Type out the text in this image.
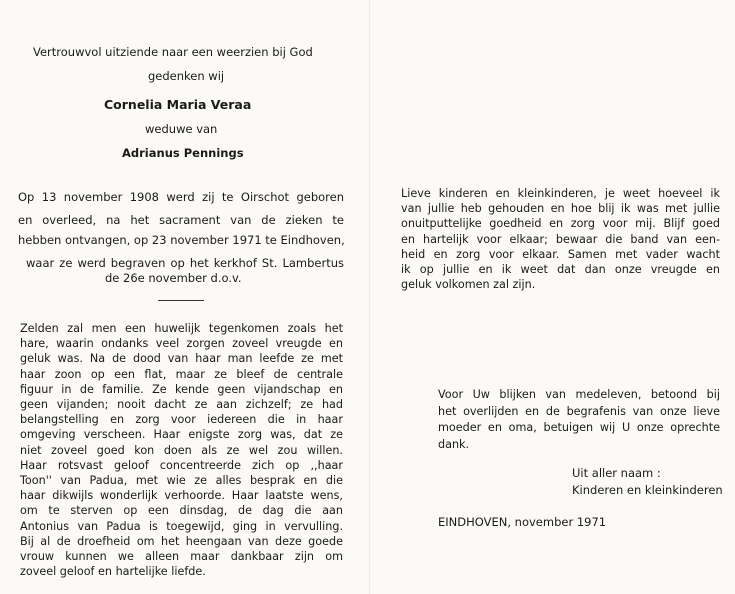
Vertrouwvol uitziende naar een weerzien bij God
gedenken wij
Cornelia Maria Veraa
weduwe van
Adrianus Pennings
Op 13 november 1908 werd zij te Oirschot geboren
en overleed, na het sacrament van de zieken te
hebben ontvangen, op 23 november 1971 te Eindhoven,
waar ze werd begraven op het kerkhof St. Lambertus
de 26e november d.o.v.
Zelden zal men een huwelijk tegenkomen zoals het
hare, waarin ondanks veel zorgen zoveel vreugde en
geluk was. Na de dood van haar man leefde ze met
haar zoon op een flat, maar ze bleef de centrale
figuur in de familie. Ze kende geen vijandschap en
geen vijanden; nooit dacht ze aan zichzelf; ze had
belangstelling en zorg voor iedereen die in haar
omgeving verscheen. Haar enigste zorg was, dat ze
niet zoveel goed kon doen als ze wel zou willen.
Haar rotsvast geloof concentreerde zich op ,,haar
Toon'' van Padua, met wie ze alles besprak en die
haar dikwijls wonderlijk verhoorde. Haar laatste wens,
om te sterven op een dinsdag, de dag die aan
Antonius van Padua is toegewijd, ging in vervulling.
Bij al de droefheid om het heengaan van deze goede
vrouw kunnen we alleen maar dankbaar zijn om
zoveel geloof en hartelijke liefde.
Lieve kinderen en kleinkinderen, je weet hoeveel ik
van jullie heb gehouden en hoe blij ik was met jullie
onuitputtelijke goedheid en zorg voor mij. Blijf goed
en hartelijk voor elkaar; bewaar die band van een-
heid en zorg voor elkaar. Samen met vader wacht
ik op jullie en ik weet dat dan onze vreugde en
geluk volkomen zal zijn.
Voor Uw blijken van medeleven, betoond bij
het overlijden en de begrafenis van onze lieve
moeder en oma, betuigen wij U onze oprechte
dank.
Uit aller naam :
Kinderen en kleinkinderen
EINDHOVEN, november 1971
